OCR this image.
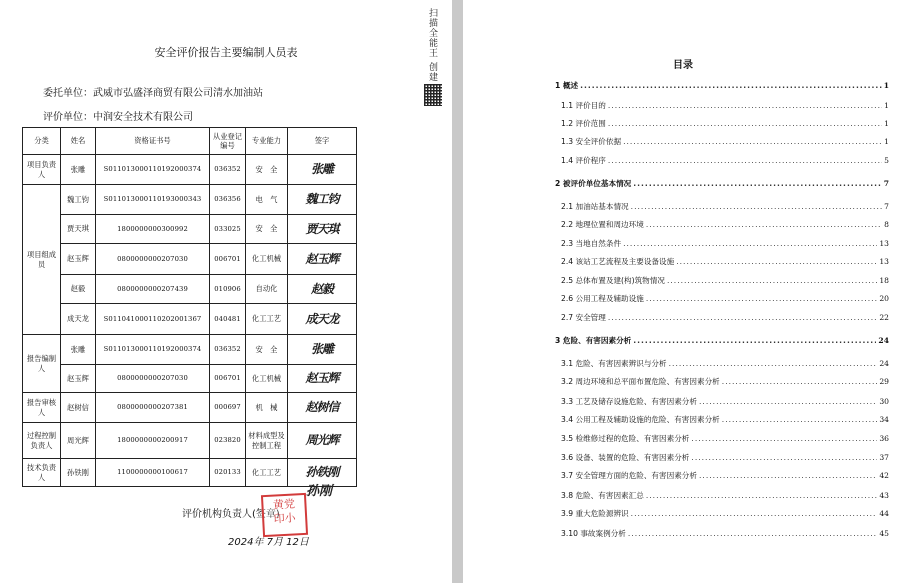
安全评价报告主要编制人员表
委托单位：武威市弘盛泽商贸有限公司清水加油站
评价单位：中润安全技术有限公司
分类	姓名	资格证书号	从业登记编号	专业能力	签字
项目负责人	张雕	S011013000110192000374	036352	安　全	张雕
项目组成员	魏工钧	S011013000110193000343	036356	电　气	魏工钧
	贾天琪	1800000000300992	033025	安　全	贾天琪
	赵玉辉	0800000000207030	006701	化工机械	赵玉辉
	赵毅	0800000000207439	010906	自动化	赵毅
	成天龙	S011041000110202001367	040481	化工工艺	成天龙
报告编制人	张雕	S011013000110192000374	036352	安　全	张雕
	赵玉辉	0800000000207030	006701	化工机械	赵玉辉
报告审核人	赵树信	0800000000207381	000697	机　械	赵树信
过程控制负责人	周光辉	1800000000200917	023820	材料成型及控制工程	周光辉
技术负责人	孙铁刚	1100000000100617	020133	化工工艺	孙铁刚
评价机构负责人(签章)
黄党
印小
孙刚
2024年 7月 12日
扫描全能王 创建	目录
1 概述 .....	1
1.1 评价目的 .....	1
1.2 评价范围 .....	1
1.3 安全评价依据 .....	1
1.4 评价程序 .....	5
2 被评价单位基本情况 .....	7
2.1 加油站基本情况 .....	7
2.2 地理位置和周边环境 .....	8
2.3 当地自然条件 .....	13
2.4 该站工艺流程及主要设备设施 .....	13
2.5 总体布置及建(构)筑物情况 .....	18
2.6 公用工程及辅助设施 .....	20
2.7 安全管理 .....	22
3 危险、有害因素分析 .....	24
3.1 危险、有害因素辨识与分析 .....	24
3.2 周边环境和总平面布置危险、有害因素分析 .....	29
3.3 工艺及储存设施危险、有害因素分析 .....	30
3.4 公用工程及辅助设施的危险、有害因素分析 .....	34
3.5 检维修过程的危险、有害因素分析 .....	36
3.6 设备、装置的危险、有害因素分析 .....	37
3.7 安全管理方面的危险、有害因素分析 .....	42
3.8 危险、有害因素汇总 .....	43
3.9 重大危险源辨识 .....	44
3.10 事故案例分析 .....	45
